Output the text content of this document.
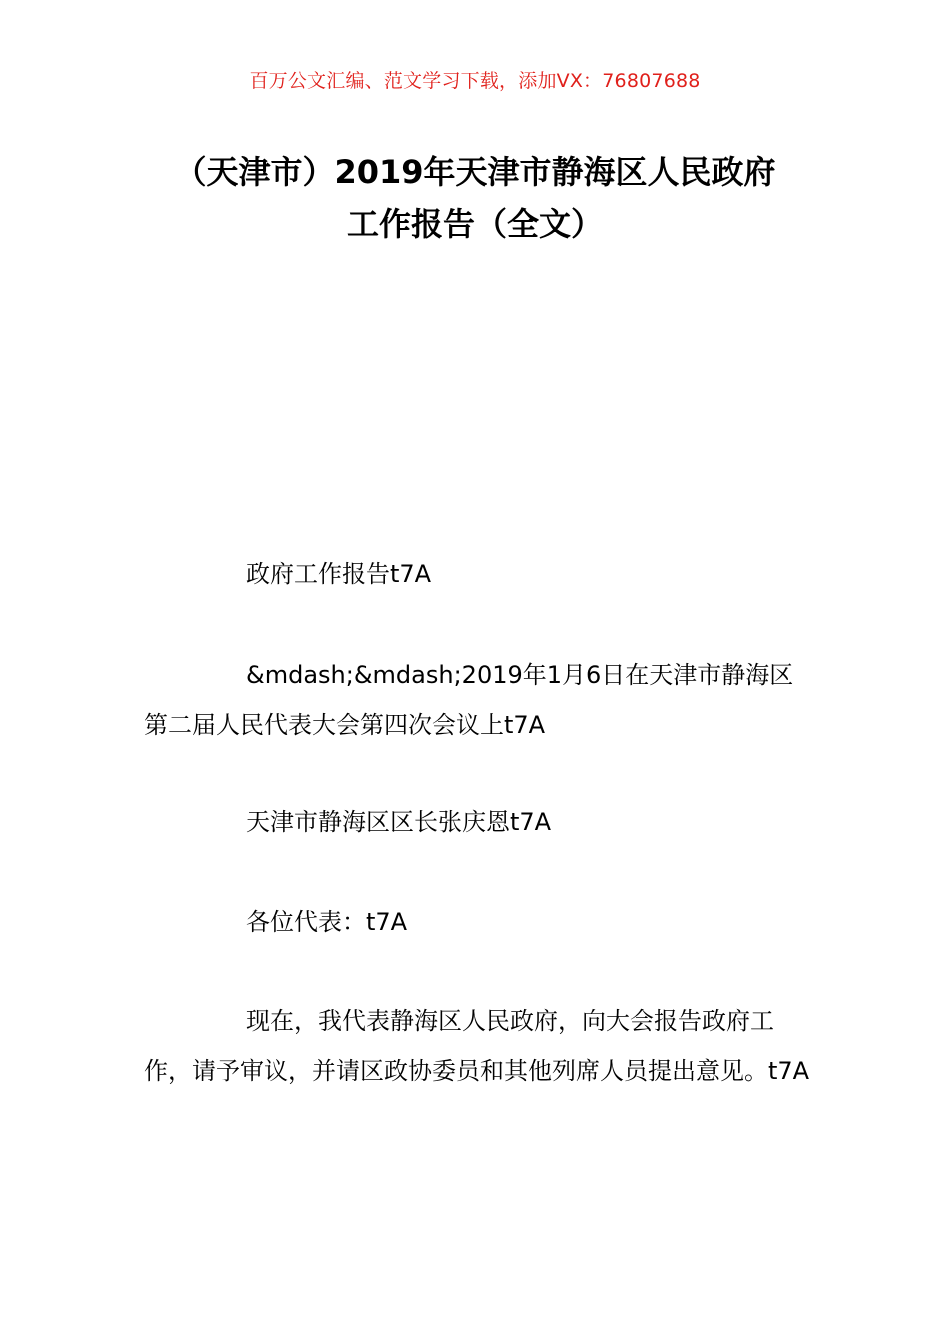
百万公文汇编、范文学习下载，添加VX：76807688
（天津市）2019年天津市静海区人民政府
工作报告（全文）

政府工作报告t7A

&mdash;&mdash;2019年1月6日在天津市静海区第二届人民代表大会第四次会议上t7A

天津市静海区区长张庆恩t7A

各位代表：t7A

现在，我代表静海区人民政府，向大会报告政府工作，请予审议，并请区政协委员和其他列席人员提出意见。t7A
